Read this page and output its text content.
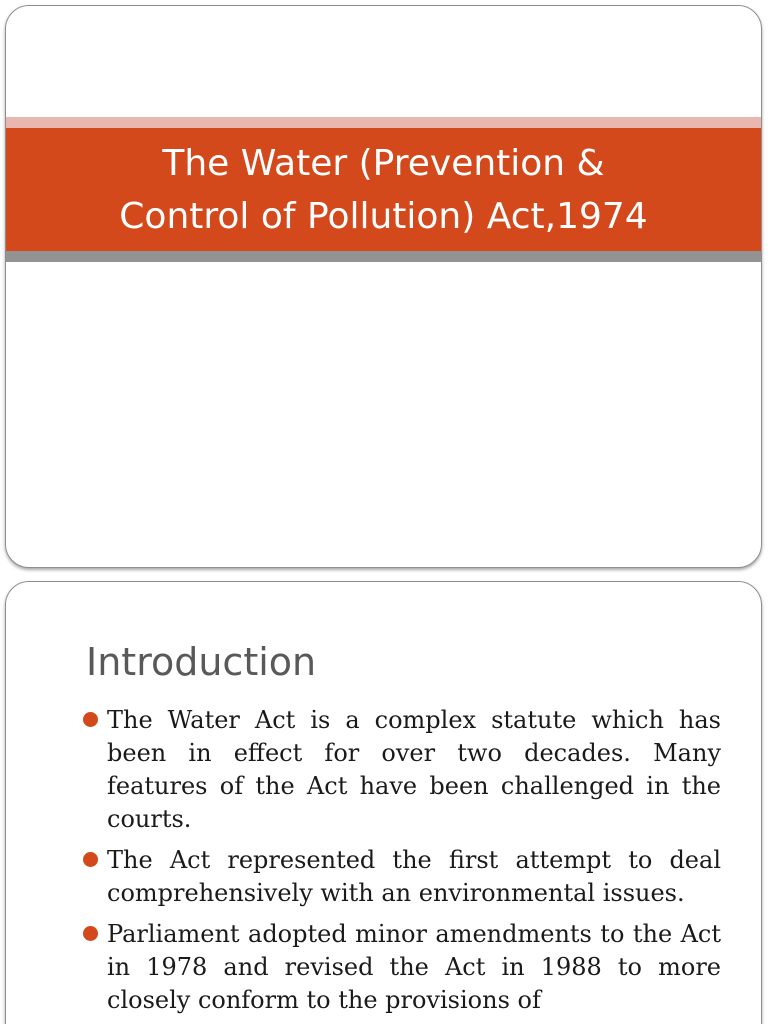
The Water (Prevention &
Control of Pollution) Act,1974
Introduction
The Water Act is a complex statute which has been in effect for over two decades. Many features of the Act have been challenged in the courts.
The Act represented the first attempt to deal comprehensively with an environmental issues.
Parliament adopted minor amendments to the Act in 1978 and revised the Act in 1988 to more closely conform to the provisions of
